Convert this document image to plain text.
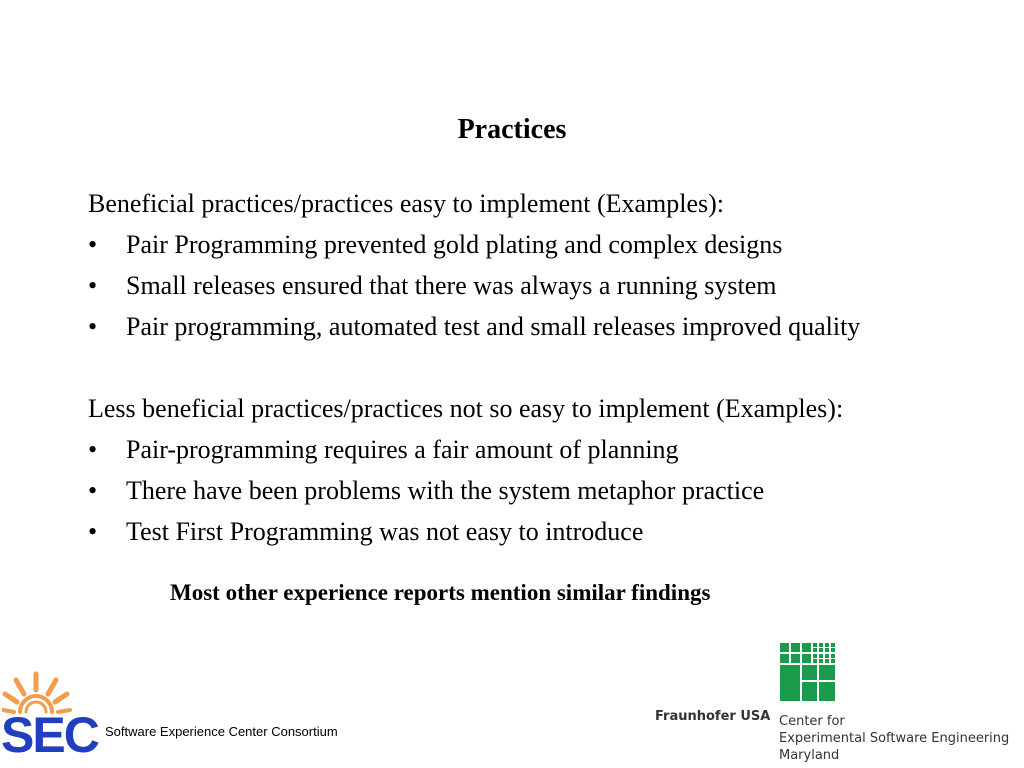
Practices
Beneficial practices/practices easy to implement (Examples):
•	Pair Programming prevented gold plating and complex designs
•	Small releases ensured that there was always a running system
•	Pair programming, automated test and small releases improved quality
Less beneficial practices/practices not so easy to implement (Examples):
•	Pair-programming requires a fair amount of planning
•	There have been problems with the system metaphor practice
•	Test First Programming was not easy to introduce
Most other experience reports mention similar findings
SEC Software Experience Center Consortium
Fraunhofer USA Center for
Experimental Software Engineering
Maryland
